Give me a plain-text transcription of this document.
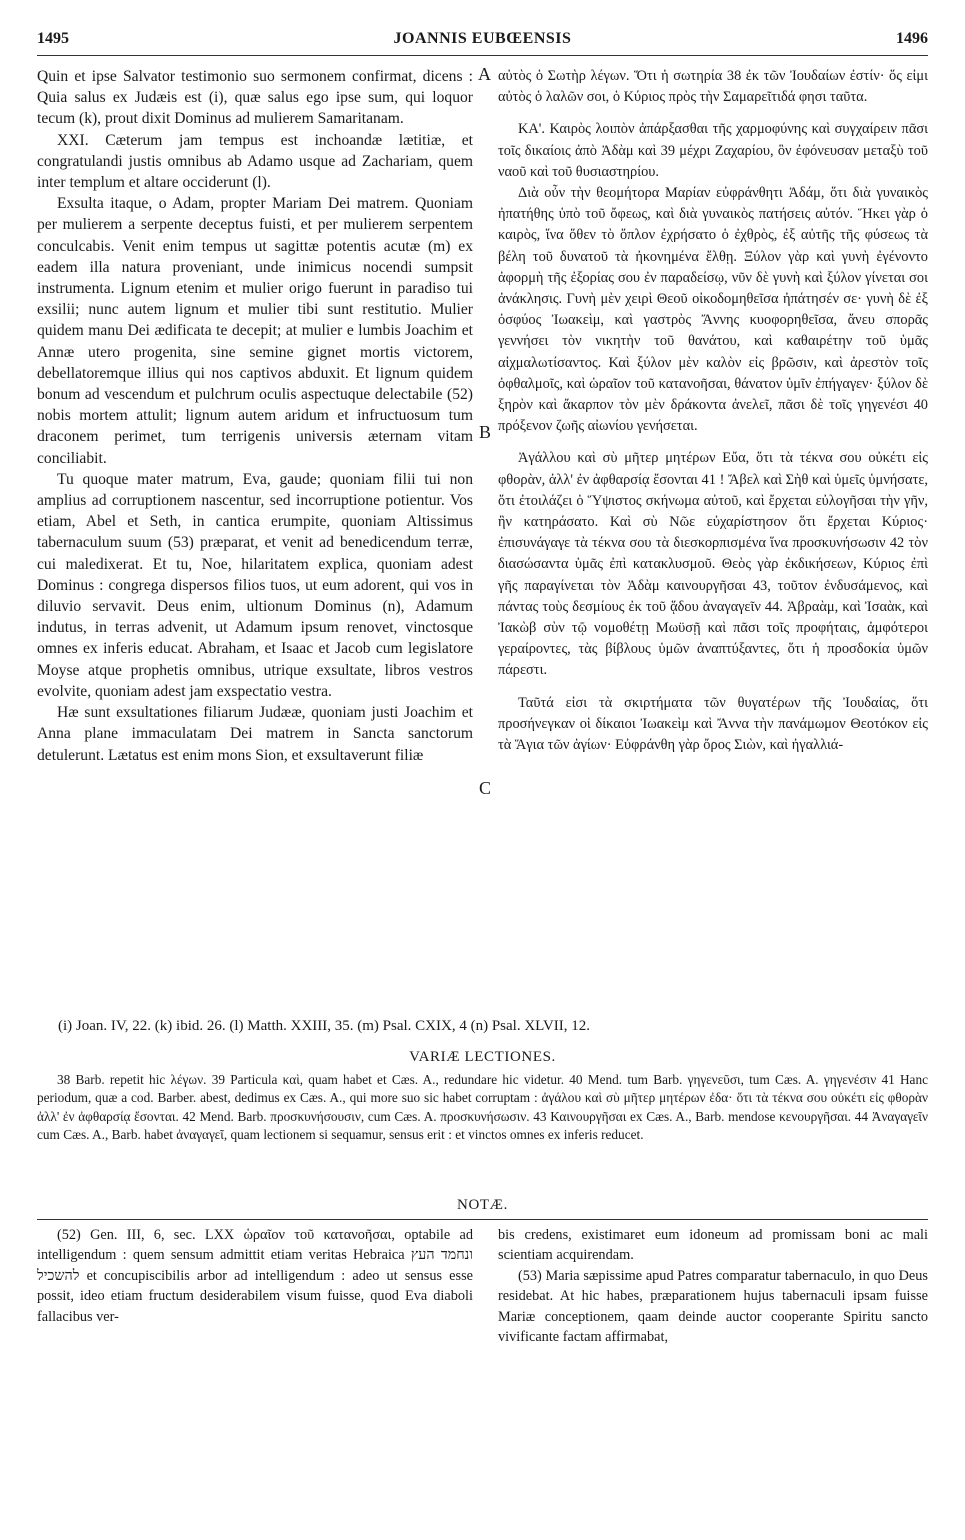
1495	JOANNIS EUBŒENSIS	1496
A
B
C

Quin et ipse Salvator testimonio suo sermonem confirmat, dicens : Quia salus ex Judæis est (i), quæ salus ego ipse sum, qui loquor tecum (k), prout dixit Dominus ad mulierem Samaritanam.

XXI. Cæterum jam tempus est inchoandæ lætitiæ, et congratulandi justis omnibus ab Adamo usque ad Zachariam, quem inter templum et altare occiderunt (l).

Exsulta itaque, o Adam, propter Mariam Dei matrem. Quoniam per mulierem a serpente deceptus fuisti, et per mulierem serpentem conculcabis. Venit enim tempus ut sagittæ potentis acutæ (m) ex eadem illa natura proveniant, unde inimicus nocendi sumpsit instrumenta. Lignum etenim et mulier origo fuerunt in paradiso tui exsilii; nunc autem lignum et mulier tibi sunt restitutio. Mulier quidem manu Dei ædificata te decepit; at mulier e lumbis Joachim et Annæ utero progenita, sine semine gignet mortis victorem, debellatoremque illius qui nos captivos abduxit. Et lignum quidem bonum ad vescendum et pulchrum oculis aspectuque delectabile (52) nobis mortem attulit; lignum autem aridum et infructuosum tum draconem perimet, tum terrigenis universis æternam vitam conciliabit.

Tu quoque mater matrum, Eva, gaude; quoniam filii tui non amplius ad corruptionem nascentur, sed incorruptione potientur. Vos etiam, Abel et Seth, in cantica erumpite, quoniam Altissimus tabernaculum suum (53) præparat, et venit ad benedicendum terræ, cui maledixerat. Et tu, Noe, hilaritatem explica, quoniam adest Dominus : congrega dispersos filios tuos, ut eum adorent, qui vos in diluvio servavit. Deus enim, ultionum Dominus (n), Adamum indutus, in terras advenit, ut Adamum ipsum renovet, vinctosque omnes ex inferis educat. Abraham, et Isaac et Jacob cum legislatore Moyse atque prophetis omnibus, utrique exsultate, libros vestros evolvite, quoniam adest jam exspectatio vestra.

Hæ sunt exsultationes filiarum Judææ, quoniam justi Joachim et Anna plane immaculatam Dei matrem in Sancta sanctorum detulerunt. Lætatus est enim mons Sion, et exsultaverunt filiæ

αὐτὸς ὁ Σωτὴρ λέγων. Ὅτι ἡ σωτηρία 38 ἐκ τῶν Ἰουδαίων ἐστίν· ὅς εἰμι αὐτὸς ὁ λαλῶν σοι, ὁ Κύριος πρὸς τὴν Σαμαρεῖτιδά φησι ταῦτα.

ΚΑ'. Καιρὸς λοιπὸν ἀπάρξασθαι τῆς χαρμοφύνης καὶ συγχαίρειν πᾶσι τοῖς δικαίοις ἀπὸ Ἀδὰμ καὶ 39 μέχρι Ζαχαρίου, ὃν ἐφόνευσαν μεταξὺ τοῦ ναοῦ καὶ τοῦ θυσιαστηρίου.

Διὰ οὖν τὴν θεομήτορα Μαρίαν εὐφράνθητι Ἀδάμ, ὅτι διὰ γυναικὸς ἠπατήθης ὑπὸ τοῦ ὄφεως, καὶ διὰ γυναικὸς πατήσεις αὐτόν. Ἥκει γὰρ ὁ καιρὸς, ἵνα ὅθεν τὸ ὅπλον ἐχρήσατο ὁ ἐχθρὸς, ἐξ αὐτῆς τῆς φύσεως τὰ βέλη τοῦ δυνατοῦ τὰ ἠκονημένα ἔλθῃ. Ξύλον γὰρ καὶ γυνὴ ἐγένοντο ἀφορμὴ τῆς ἐξορίας σου ἐν παραδείσῳ, νῦν δὲ γυνὴ καὶ ξύλον γίνεται σοι ἀνάκλησις. Γυνὴ μὲν χειρὶ Θεοῦ οἰκοδομηθεῖσα ἠπάτησέν σε· γυνὴ δὲ ἐξ ὀσφύος Ἰωακεὶμ, καὶ γαστρὸς Ἄννης κυοφορηθεῖσα, ἄνευ σπορᾶς γεννήσει τὸν νικητὴν τοῦ θανάτου, καὶ καθαιρέτην τοῦ ὑμᾶς αἰχμαλωτίσαντος. Καὶ ξύλον μὲν καλὸν εἰς βρῶσιν, καὶ ἀρεστὸν τοῖς ὀφθαλμοῖς, καὶ ὡραῖον τοῦ κατανοῆσαι, θάνατον ὑμῖν ἐπήγαγεν· ξύλον δὲ ξηρὸν καὶ ἄκαρπον τὸν μὲν δράκοντα ἀνελεῖ, πᾶσι δὲ τοῖς γηγενέσι 40 πρόξενον ζωῆς αἰωνίου γενήσεται.

Ἀγάλλου καὶ σὺ μῆτερ μητέρων Εὔα, ὅτι τὰ τέκνα σου οὐκέτι εἰς φθορὰν, ἀλλ' ἐν ἀφθαρσίᾳ ἔσονται 41 ! Ἄβελ καὶ Σὴθ καὶ ὑμεῖς ὑμνήσατε, ὅτι ἐτοιλάζει ὁ Ὕψιστος σκήνωμα αὐτοῦ, καὶ ἔρχεται εὐλογῆσαι τὴν γῆν, ἣν κατηράσατο. Καὶ σὺ Νῶε εὐχαρίστησον ὅτι ἔρχεται Κύριος· ἐπισυνάγαγε τὰ τέκνα σου τὰ διεσκορπισμένα ἵνα προσκυνήσωσιν 42 τὸν διασώσαντα ὑμᾶς ἐπὶ κατακλυσμοῦ. Θεὸς γὰρ ἐκδικήσεων, Κύριος ἐπὶ γῆς παραγίνεται τὸν Ἀδὰμ καινουργῆσαι 43, τοῦτον ἐνδυσάμενος, καὶ πάντας τοὺς δεσμίους ἐκ τοῦ ᾅδου ἀναγαγεῖν 44. Ἀβραὰμ, καὶ Ἰσαὰκ, καὶ Ἰακὼβ σὺν τῷ νομοθέτῃ Μωϋσῇ καὶ πᾶσι τοῖς προφήταις, ἀμφότεροι γεραίροντες, τὰς βίβλους ὑμῶν ἀναπτύξαντες, ὅτι ἡ προσδοκία ὑμῶν πάρεστι.

Ταῦτά εἰσι τὰ σκιρτήματα τῶν θυγατέρων τῆς Ἰουδαίας, ὅτι προσήνεγκαν οἱ δίκαιοι Ἰωακεὶμ καὶ Ἄννα τὴν πανάμωμον Θεοτόκον εἰς τὰ Ἅγια τῶν ἁγίων· Εὐφράνθη γὰρ ὄρος Σιὼν, καὶ ἠγαλλιά-

(i) Joan. IV, 22. (k) ibid. 26. (l) Matth. XXIII, 35. (m) Psal. CXIX, 4 (n) Psal. XLVII, 12.
VARIÆ LECTIONES.

38 Barb. repetit hic λέγων. 39 Particula καὶ, quam habet et Cæs. A., redundare hic videtur. 40 Mend. tum Barb. γηγενεῦσι, tum Cæs. A. γηγενέσιν 41 Hanc periodum, quæ a cod. Barber. abest, dedimus ex Cæs. A., qui more suo sic habet corruptam : ἀγάλου καὶ σὺ μῆτερ μητέρων ἐδα· ὅτι τὰ τέκνα σου οὐκέτι εἰς φθορὰν ἀλλ' ἐν ἀφθαρσίᾳ ἔσονται. 42 Mend. Barb. προσκυνήσουσιν, cum Cæs. A. προσκυνήσωσιν. 43 Καινουργῆσαι ex Cæs. A., Barb. mendose κενουργῆσαι. 44 Ἀναγαγεῖν cum Cæs. A., Barb. habet ἀναγαγεῖ, quam lectionem si sequamur, sensus erit : et vinctos omnes ex inferis reducet.

NOTÆ.

(52) Gen. III, 6, sec. LXX ὡραῖον τοῦ κατανοῆσαι, optabile ad intelligendum : quem sensum admittit etiam veritas Hebraica ונחמד העץ להשכיל et concupiscibilis arbor ad intelligendum : adeo ut sensus esse possit, ideo etiam fructum desiderabilem visum fuisse, quod Eva diaboli fallacibus ver-

bis credens, existimaret eum idoneum ad promissam boni ac mali scientiam acquirendam.

(53) Maria sæpissime apud Patres comparatur tabernaculo, in quo Deus residebat. At hic habes, præparationem hujus tabernaculi ipsam fuisse Mariæ conceptionem, qaam deinde auctor cooperante Spiritu sancto vivificante factam affirmabat,
